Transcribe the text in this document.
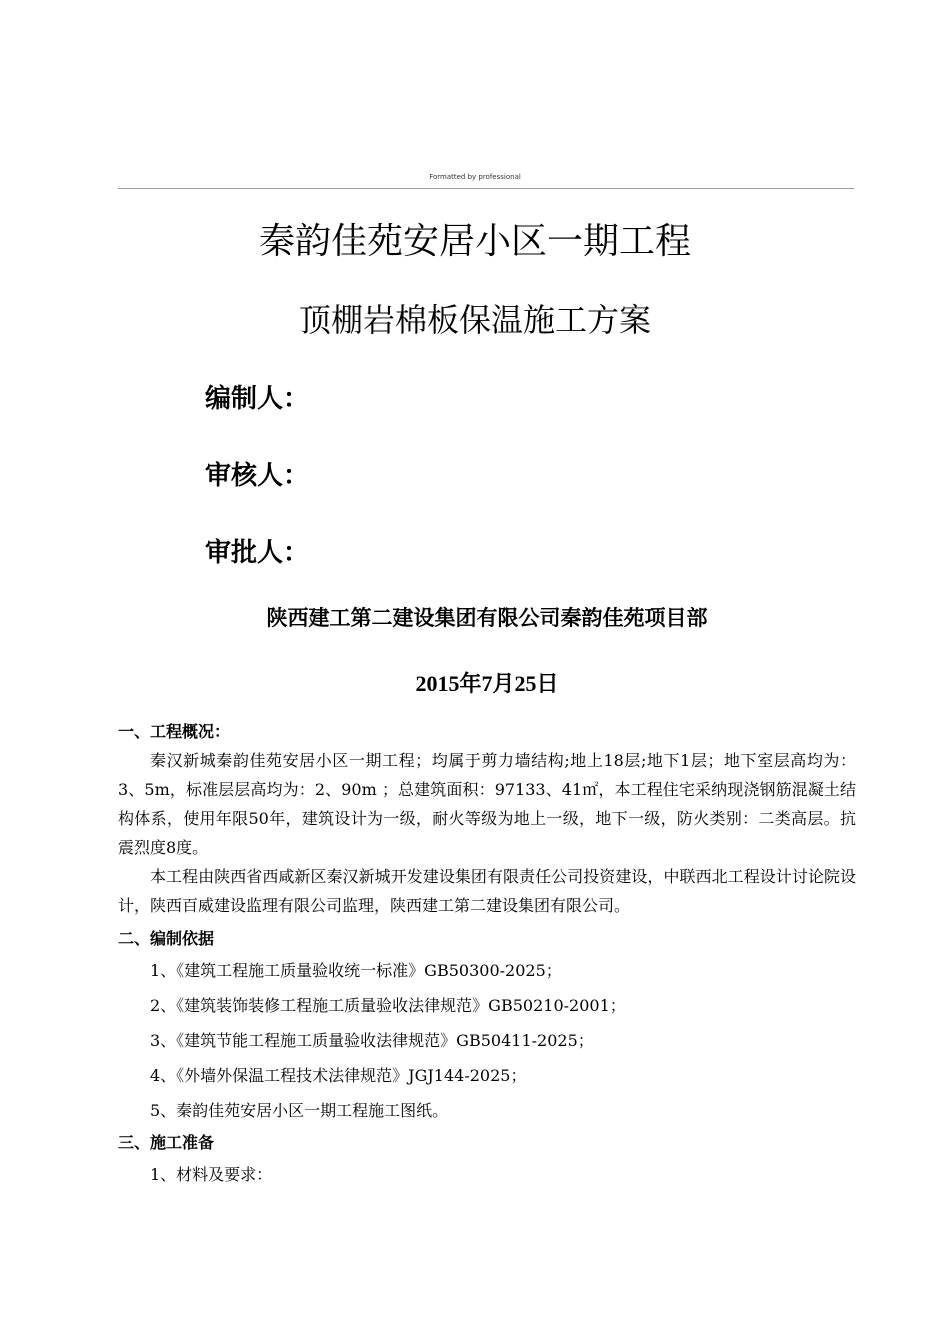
Formatted by professional
秦韵佳苑安居小区一期工程
顶棚岩棉板保温施工方案
编制人：
审核人：
审批人：
陕西建工第二建设集团有限公司秦韵佳苑项目部
2015年7月25日
一、工程概况：

秦汉新城秦韵佳苑安居小区一期工程；均属于剪力墙结构;地上18层;地下1层；地下室层高均为：3、5m，标准层层高均为：2、90m ；总建筑面积：97133、41㎡，本工程住宅采纳现浇钢筋混凝土结构体系，使用年限50年，建筑设计为一级，耐火等级为地上一级，地下一级，防火类别：二类高层。抗震烈度8度。

本工程由陕西省西咸新区秦汉新城开发建设集团有限责任公司投资建设，中联西北工程设计讨论院设计，陕西百威建设监理有限公司监理，陕西建工第二建设集团有限公司。

二、编制依据

1、《建筑工程施工质量验收统一标准》GB50300-2025；

2、《建筑装饰装修工程施工质量验收法律规范》GB50210-2001；

3、《建筑节能工程施工质量验收法律规范》GB50411-2025；

4、《外墙外保温工程技术法律规范》JGJ144-2025；

5、秦韵佳苑安居小区一期工程施工图纸。

三、施工准备

1、材料及要求：
